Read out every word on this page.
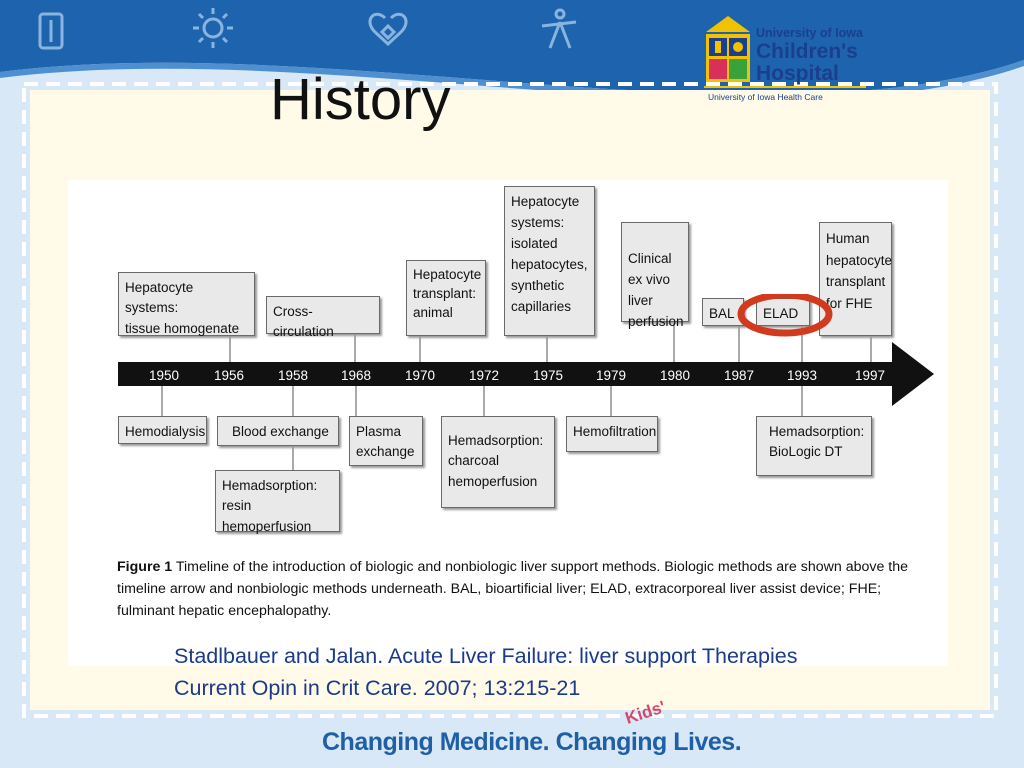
History
University of Iowa
Children's
Hospital
University of Iowa Health Care
1950	1956	1958 1968	1970	1972	1975 1979	1980	1987 1993	1997
Hepatocyte systems:
tissue homogenate
Cross-circulation
Hepatocyte
transplant:
animal
Hepatocyte
systems:
isolated
hepatocytes,
synthetic
capillaries

Clinical
ex vivo
liver
perfusion

BAL	ELAD
Human
hepatocyte
transplant
for FHE
Hemodialysis	Blood exchange
Hemadsorption:
resin hemoperfusion
Plasma
exchange
Hemadsorption:
charcoal
hemoperfusion
Hemofiltration	Hemadsorption:
BioLogic DT
Figure 1 Timeline of the introduction of biologic and nonbiologic liver support methods. Biologic methods are shown above the timeline arrow and nonbiologic methods underneath. BAL, bioartificial liver; ELAD, extracorporeal liver assist device; FHE; fulminant hepatic encephalopathy.
Stadlbauer and Jalan. Acute Liver Failure: liver support Therapies
Current Opin in Crit Care. 2007; 13:215-21
Changing Medicine. Changing Lives.
Kids'
